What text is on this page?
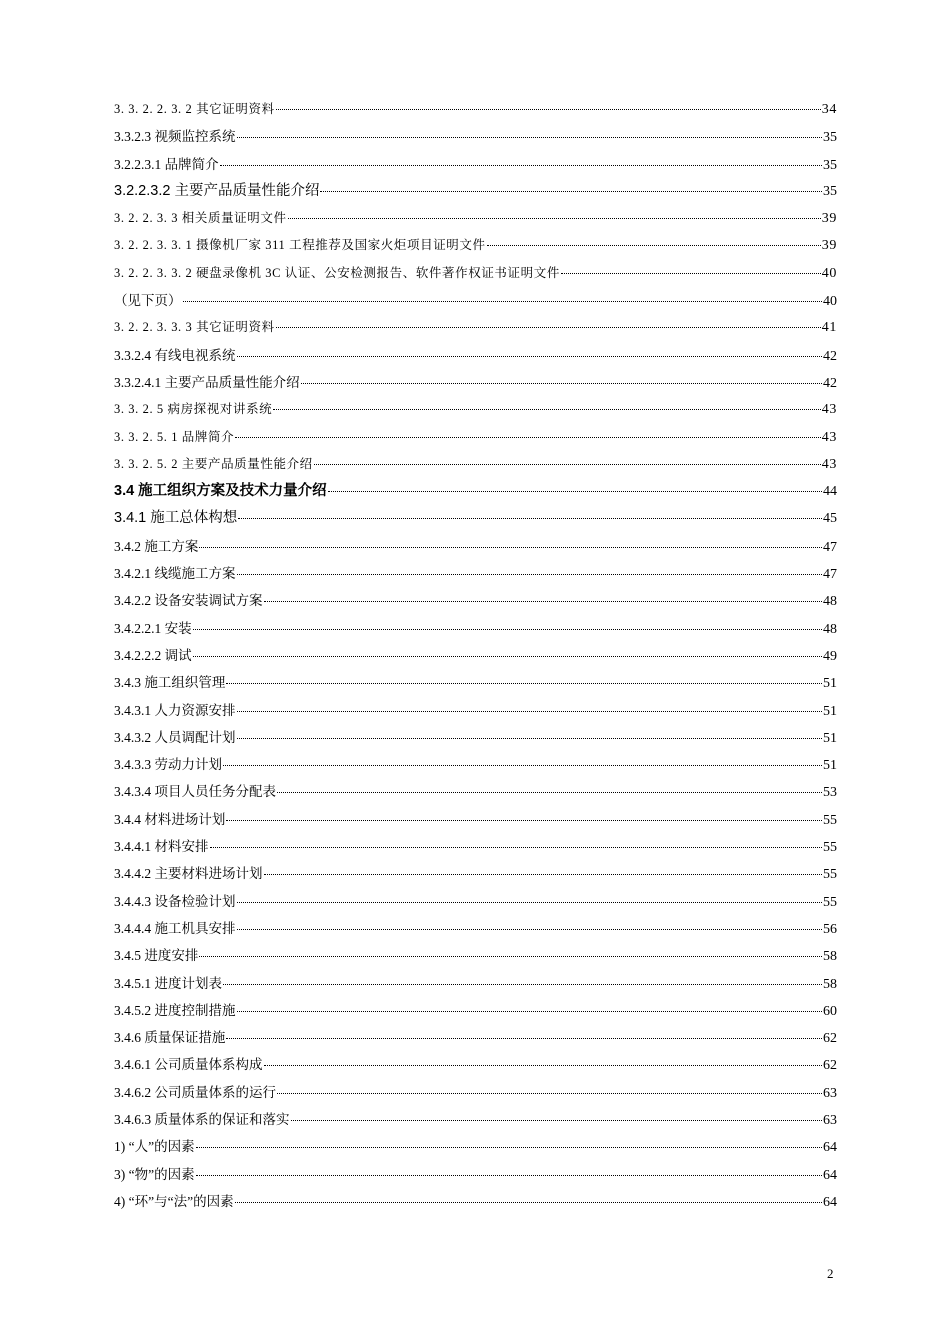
3. 3. 2. 2. 3. 2 其它证明资料	34
3.3.2.3 视频监控系统	35
3.2.2.3.1 品牌简介	35
3.2.2.3.2 主要产品质量性能介绍	35
3. 2. 2. 3. 3 相关质量证明文件	39
3. 2. 2. 3. 3. 1 摄像机厂家 311 工程推荐及国家火炬项目证明文件	39
3. 2. 2. 3. 3. 2 硬盘录像机 3C 认证、公安检测报告、软件著作权证书证明文件	40
（见下页）	40
3. 2. 2. 3. 3. 3 其它证明资料	41
3.3.2.4 有线电视系统	42
3.3.2.4.1 主要产品质量性能介绍	42
3. 3. 2. 5 病房探视对讲系统	43
3. 3. 2. 5. 1 品牌简介	43
3. 3. 2. 5. 2 主要产品质量性能介绍	43
3.4 施工组织方案及技术力量介绍	44
3.4.1 施工总体构想	45
3.4.2 施工方案	47
3.4.2.1 线缆施工方案	47
3.4.2.2 设备安装调试方案	48
3.4.2.2.1 安装	48
3.4.2.2.2 调试	49
3.4.3 施工组织管理	51
3.4.3.1 人力资源安排	51
3.4.3.2 人员调配计划	51
3.4.3.3 劳动力计划	51
3.4.3.4 项目人员任务分配表	53
3.4.4 材料进场计划	55
3.4.4.1 材料安排	55
3.4.4.2 主要材料进场计划	55
3.4.4.3 设备检验计划	55
3.4.4.4 施工机具安排	56
3.4.5 进度安排	58
3.4.5.1 进度计划表	58
3.4.5.2 进度控制措施	60
3.4.6 质量保证措施	62
3.4.6.1 公司质量体系构成	62
3.4.6.2 公司质量体系的运行	63
3.4.6.3 质量体系的保证和落实	63
1) “人”的因素	64
3) “物”的因素	64
4) “环”与“法”的因素	64
2
